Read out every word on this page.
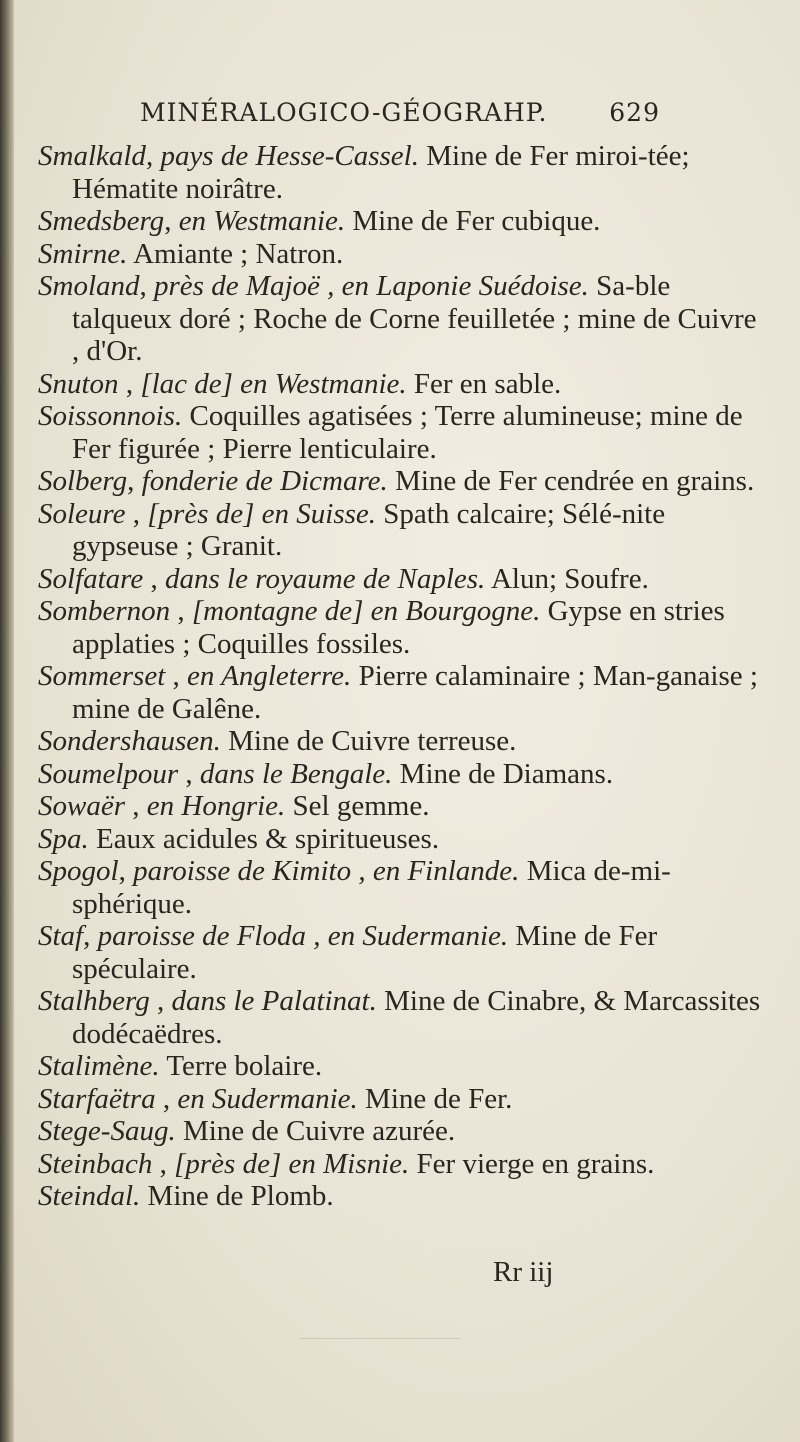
MINÉRALOGICO-GÉOGRAHP. 629

Smalkald, pays de Hesse-Cassel. Mine de Fer miroi-tée; Hématite noirâtre.

Smedsberg, en Westmanie. Mine de Fer cubique.

Smirne. Amiante ; Natron.

Smoland, près de Majoë , en Laponie Suédoise. Sa-ble talqueux doré ; Roche de Corne feuilletée ; mine de Cuivre , d'Or.

Snuton , [lac de] en Westmanie. Fer en sable.

Soissonnois. Coquilles agatisées ; Terre alumineuse; mine de Fer figurée ; Pierre lenticulaire.

Solberg, fonderie de Dicmare. Mine de Fer cendrée en grains.

Soleure , [près de] en Suisse. Spath calcaire; Sélé-nite gypseuse ; Granit.

Solfatare , dans le royaume de Naples. Alun; Soufre.

Sombernon , [montagne de] en Bourgogne. Gypse en stries applaties ; Coquilles fossiles.

Sommerset , en Angleterre. Pierre calaminaire ; Man-ganaise ; mine de Galêne.

Sondershausen. Mine de Cuivre terreuse.

Soumelpour , dans le Bengale. Mine de Diamans.

Sowaër , en Hongrie. Sel gemme.

Spa. Eaux acidules & spiritueuses.

Spogol, paroisse de Kimito , en Finlande. Mica de-mi-sphérique.

Staf, paroisse de Floda , en Sudermanie. Mine de Fer spéculaire.

Stalhberg , dans le Palatinat. Mine de Cinabre, & Marcassites dodécaëdres.

Stalimène. Terre bolaire.

Starfaëtra , en Sudermanie. Mine de Fer.

Stege-Saug. Mine de Cuivre azurée.

Steinbach , [près de] en Misnie. Fer vierge en grains.

Steindal. Mine de Plomb.

Rr iij
